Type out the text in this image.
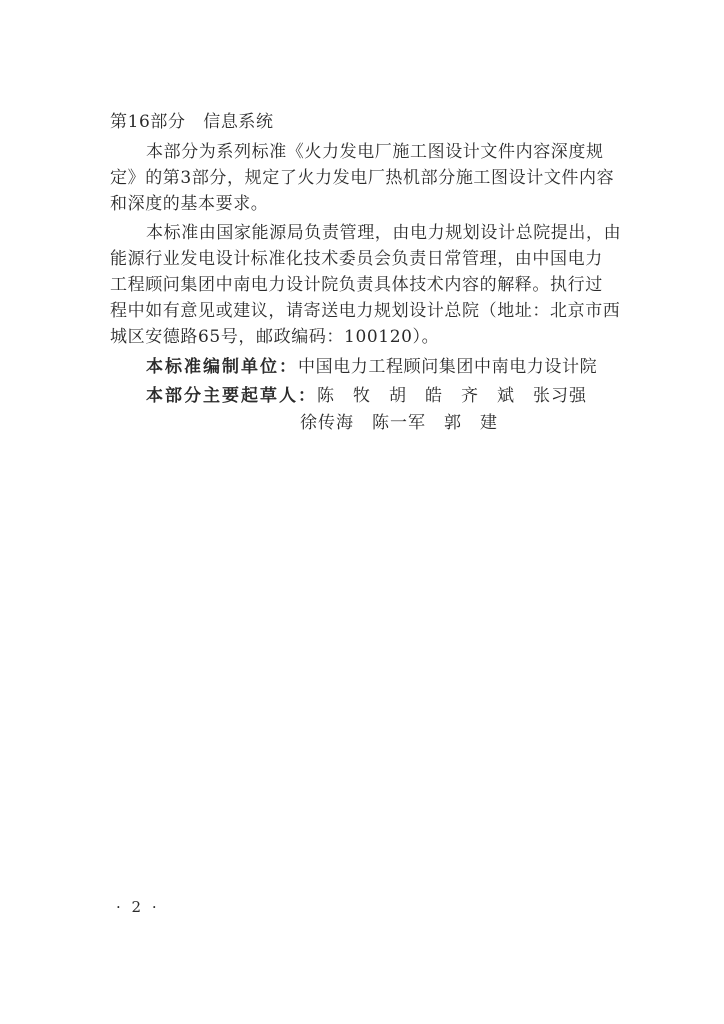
第16部分　信息系统
本部分为系列标准《火力发电厂施工图设计文件内容深度规
定》的第3部分，规定了火力发电厂热机部分施工图设计文件内容
和深度的基本要求。
本标准由国家能源局负责管理，由电力规划设计总院提出，由
能源行业发电设计标准化技术委员会负责日常管理，由中国电力
工程顾问集团中南电力设计院负责具体技术内容的解释。执行过
程中如有意见或建议，请寄送电力规划设计总院（地址：北京市西
城区安德路65号，邮政编码：100120）。
本标准编制单位：中国电力工程顾问集团中南电力设计院
本部分主要起草人：陈　牧　胡　皓　齐　斌　张习强
徐传海　陈一军　郭　建
· 2 ·
